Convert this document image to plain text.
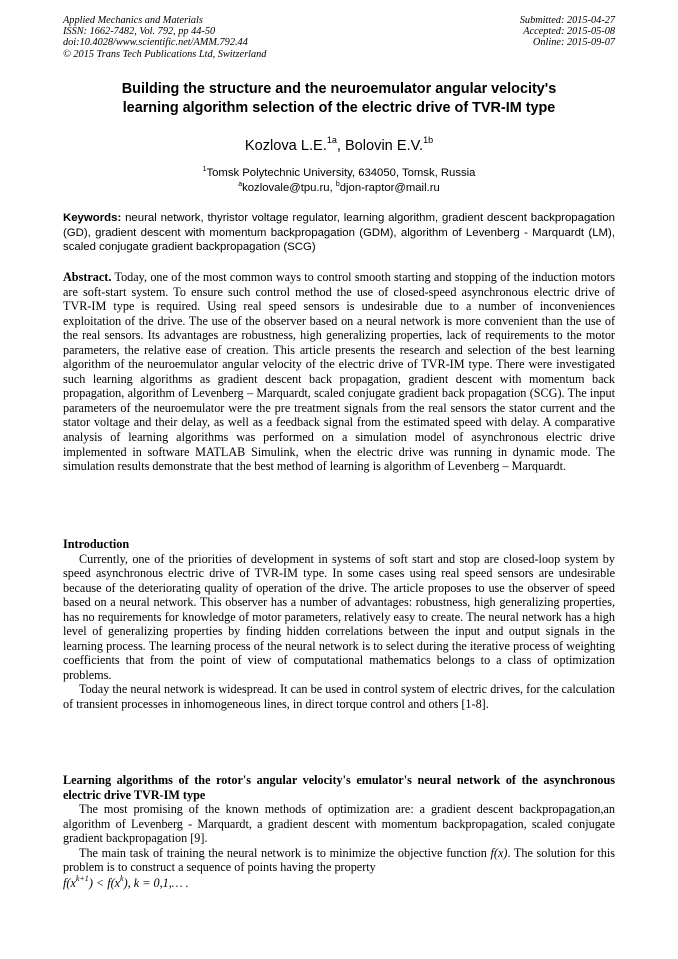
Applied Mechanics and Materials
ISSN: 1662-7482, Vol. 792, pp 44-50
doi:10.4028/www.scientific.net/AMM.792.44
© 2015 Trans Tech Publications Ltd, Switzerland
Submitted: 2015-04-27
Accepted: 2015-05-08
Online: 2015-09-07
Building the structure and the neuroemulator angular velocity's
learning algorithm selection of the electric drive of TVR-IM type
Kozlova L.E.$^{1a}$, Bolovin E.V.$^{1b}$
$^1$Tomsk Polytechnic University, 634050, Tomsk, Russia
$^a$kozlovale@tpu.ru, $^b$djon-raptor@mail.ru
Keywords: neural network, thyristor voltage regulator, learning algorithm, gradient descent backpropagation (GD), gradient descent with momentum backpropagation (GDM), algorithm of Levenberg - Marquardt (LM), scaled conjugate gradient backpropagation (SCG)

Abstract. Today, one of the most common ways to control smooth starting and stopping of the induction motors are soft-start system. To ensure such control method the use of closed-speed asynchronous electric drive of TVR-IM type is required. Using real speed sensors is undesirable due to a number of inconveniences exploitation of the drive. The use of the observer based on a neural network is more convenient than the use of the real sensors. Its advantages are robustness, high generalizing properties, lack of requirements to the motor parameters, the relative ease of creation. This article presents the research and selection of the best learning algorithm of the neuroemulator angular velocity of the electric drive of TVR-IM type. There were investigated such learning algorithms as gradient descent back propagation, gradient descent with momentum back propagation, algorithm of Levenberg – Marquardt, scaled conjugate gradient back propagation (SCG). The input parameters of the neuroemulator were the pre treatment signals from the real sensors the stator current and the stator voltage and their delay, as well as a feedback signal from the estimated speed with delay. A comparative analysis of learning algorithms was performed on a simulation model of asynchronous electric drive implemented in software MATLAB Simulink, when the electric drive was running in dynamic mode. The simulation results demonstrate that the best method of learning is algorithm of Levenberg – Marquardt.

Introduction

Currently, one of the priorities of development in systems of soft start and stop are closed-loop system by speed asynchronous electric drive of TVR-IM type. In some cases using real speed sensors are undesirable because of the deteriorating quality of operation of the drive. The article proposes to use the observer of speed based on a neural network. This observer has a number of advantages: robustness, high generalizing properties, has no requirements for knowledge of motor parameters, relatively easy to create. The neural network has a high level of generalizing properties by finding hidden correlations between the input and output signals in the learning process. The learning process of the neural network is to select during the iterative process of weighting coefficients that from the point of view of computational mathematics belongs to a class of optimization problems.

Today the neural network is widespread. It can be used in control system of electric drives, for the calculation of transient processes in inhomogeneous lines, in direct torque control and others [1-8].

Learning algorithms of the rotor's angular velocity's emulator's neural network of the asynchronous electric drive TVR-IM type

The most promising of the known methods of optimization are: a gradient descent backpropagation,an algorithm of Levenberg - Marquardt, a gradient descent with momentum backpropagation, scaled conjugate gradient backpropagation [9].

The main task of training the neural network is to minimize the objective function f(x). The solution for this problem is to construct a sequence of points having the property

$f(x^{k+1}) < f(x^k)$, k = 0,1,… .
